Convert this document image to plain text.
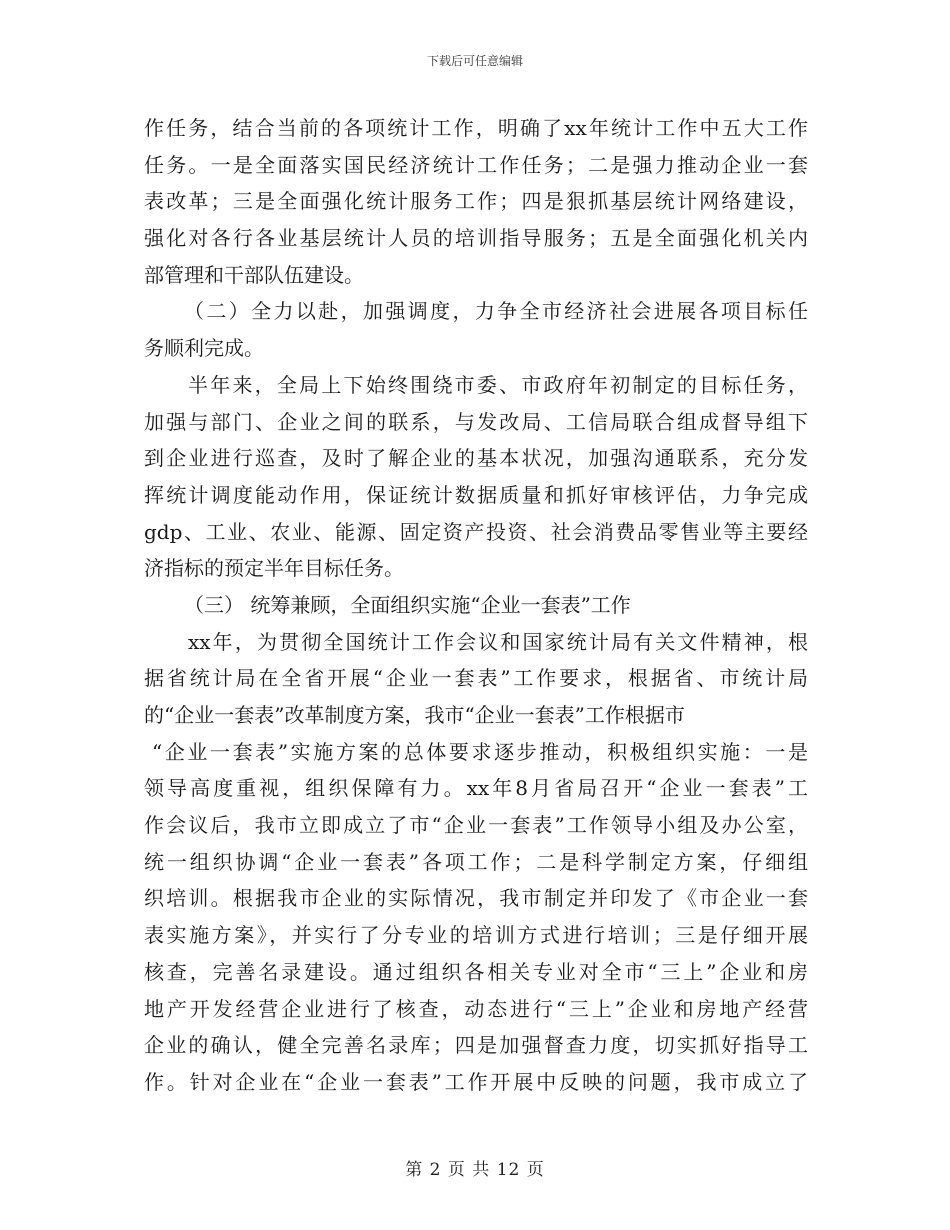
下载后可任意编辑
作任务，结合当前的各项统计工作，明确了xx年统计工作中五大工作
任务。一是全面落实国民经济统计工作任务；二是强力推动企业一套
表改革；三是全面强化统计服务工作；四是狠抓基层统计网络建设，
强化对各行各业基层统计人员的培训指导服务；五是全面强化机关内
部管理和干部队伍建设。
（二）全力以赴，加强调度，力争全市经济社会进展各项目标任
务顺利完成。
半年来，全局上下始终围绕市委、市政府年初制定的目标任务，
加强与部门、企业之间的联系，与发改局、工信局联合组成督导组下
到企业进行巡查，及时了解企业的基本状况，加强沟通联系，充分发
挥统计调度能动作用，保证统计数据质量和抓好审核评估，力争完成
gdp、工业、农业、能源、固定资产投资、社会消费品零售业等主要经
济指标的预定半年目标任务。
（三） 统筹兼顾，全面组织实施“企业一套表”工作
xx年，为贯彻全国统计工作会议和国家统计局有关文件精神，根
据省统计局在全省开展“企业一套表”工作要求，根据省、市统计局
的“企业一套表”改革制度方案，我市“企业一套表”工作根据市
“企业一套表”实施方案的总体要求逐步推动，积极组织实施：一是
领导高度重视，组织保障有力。xx年8月省局召开“企业一套表”工
作会议后，我市立即成立了市“企业一套表”工作领导小组及办公室，
统一组织协调“企业一套表”各项工作；二是科学制定方案，仔细组
织培训。根据我市企业的实际情况，我市制定并印发了《市企业一套
表实施方案》，并实行了分专业的培训方式进行培训；三是仔细开展
核查，完善名录建设。通过组织各相关专业对全市“三上”企业和房
地产开发经营企业进行了核查，动态进行“三上”企业和房地产经营
企业的确认，健全完善名录库；四是加强督查力度，切实抓好指导工
作。针对企业在“企业一套表”工作开展中反映的问题，我市成立了
第 2 页 共 12 页
